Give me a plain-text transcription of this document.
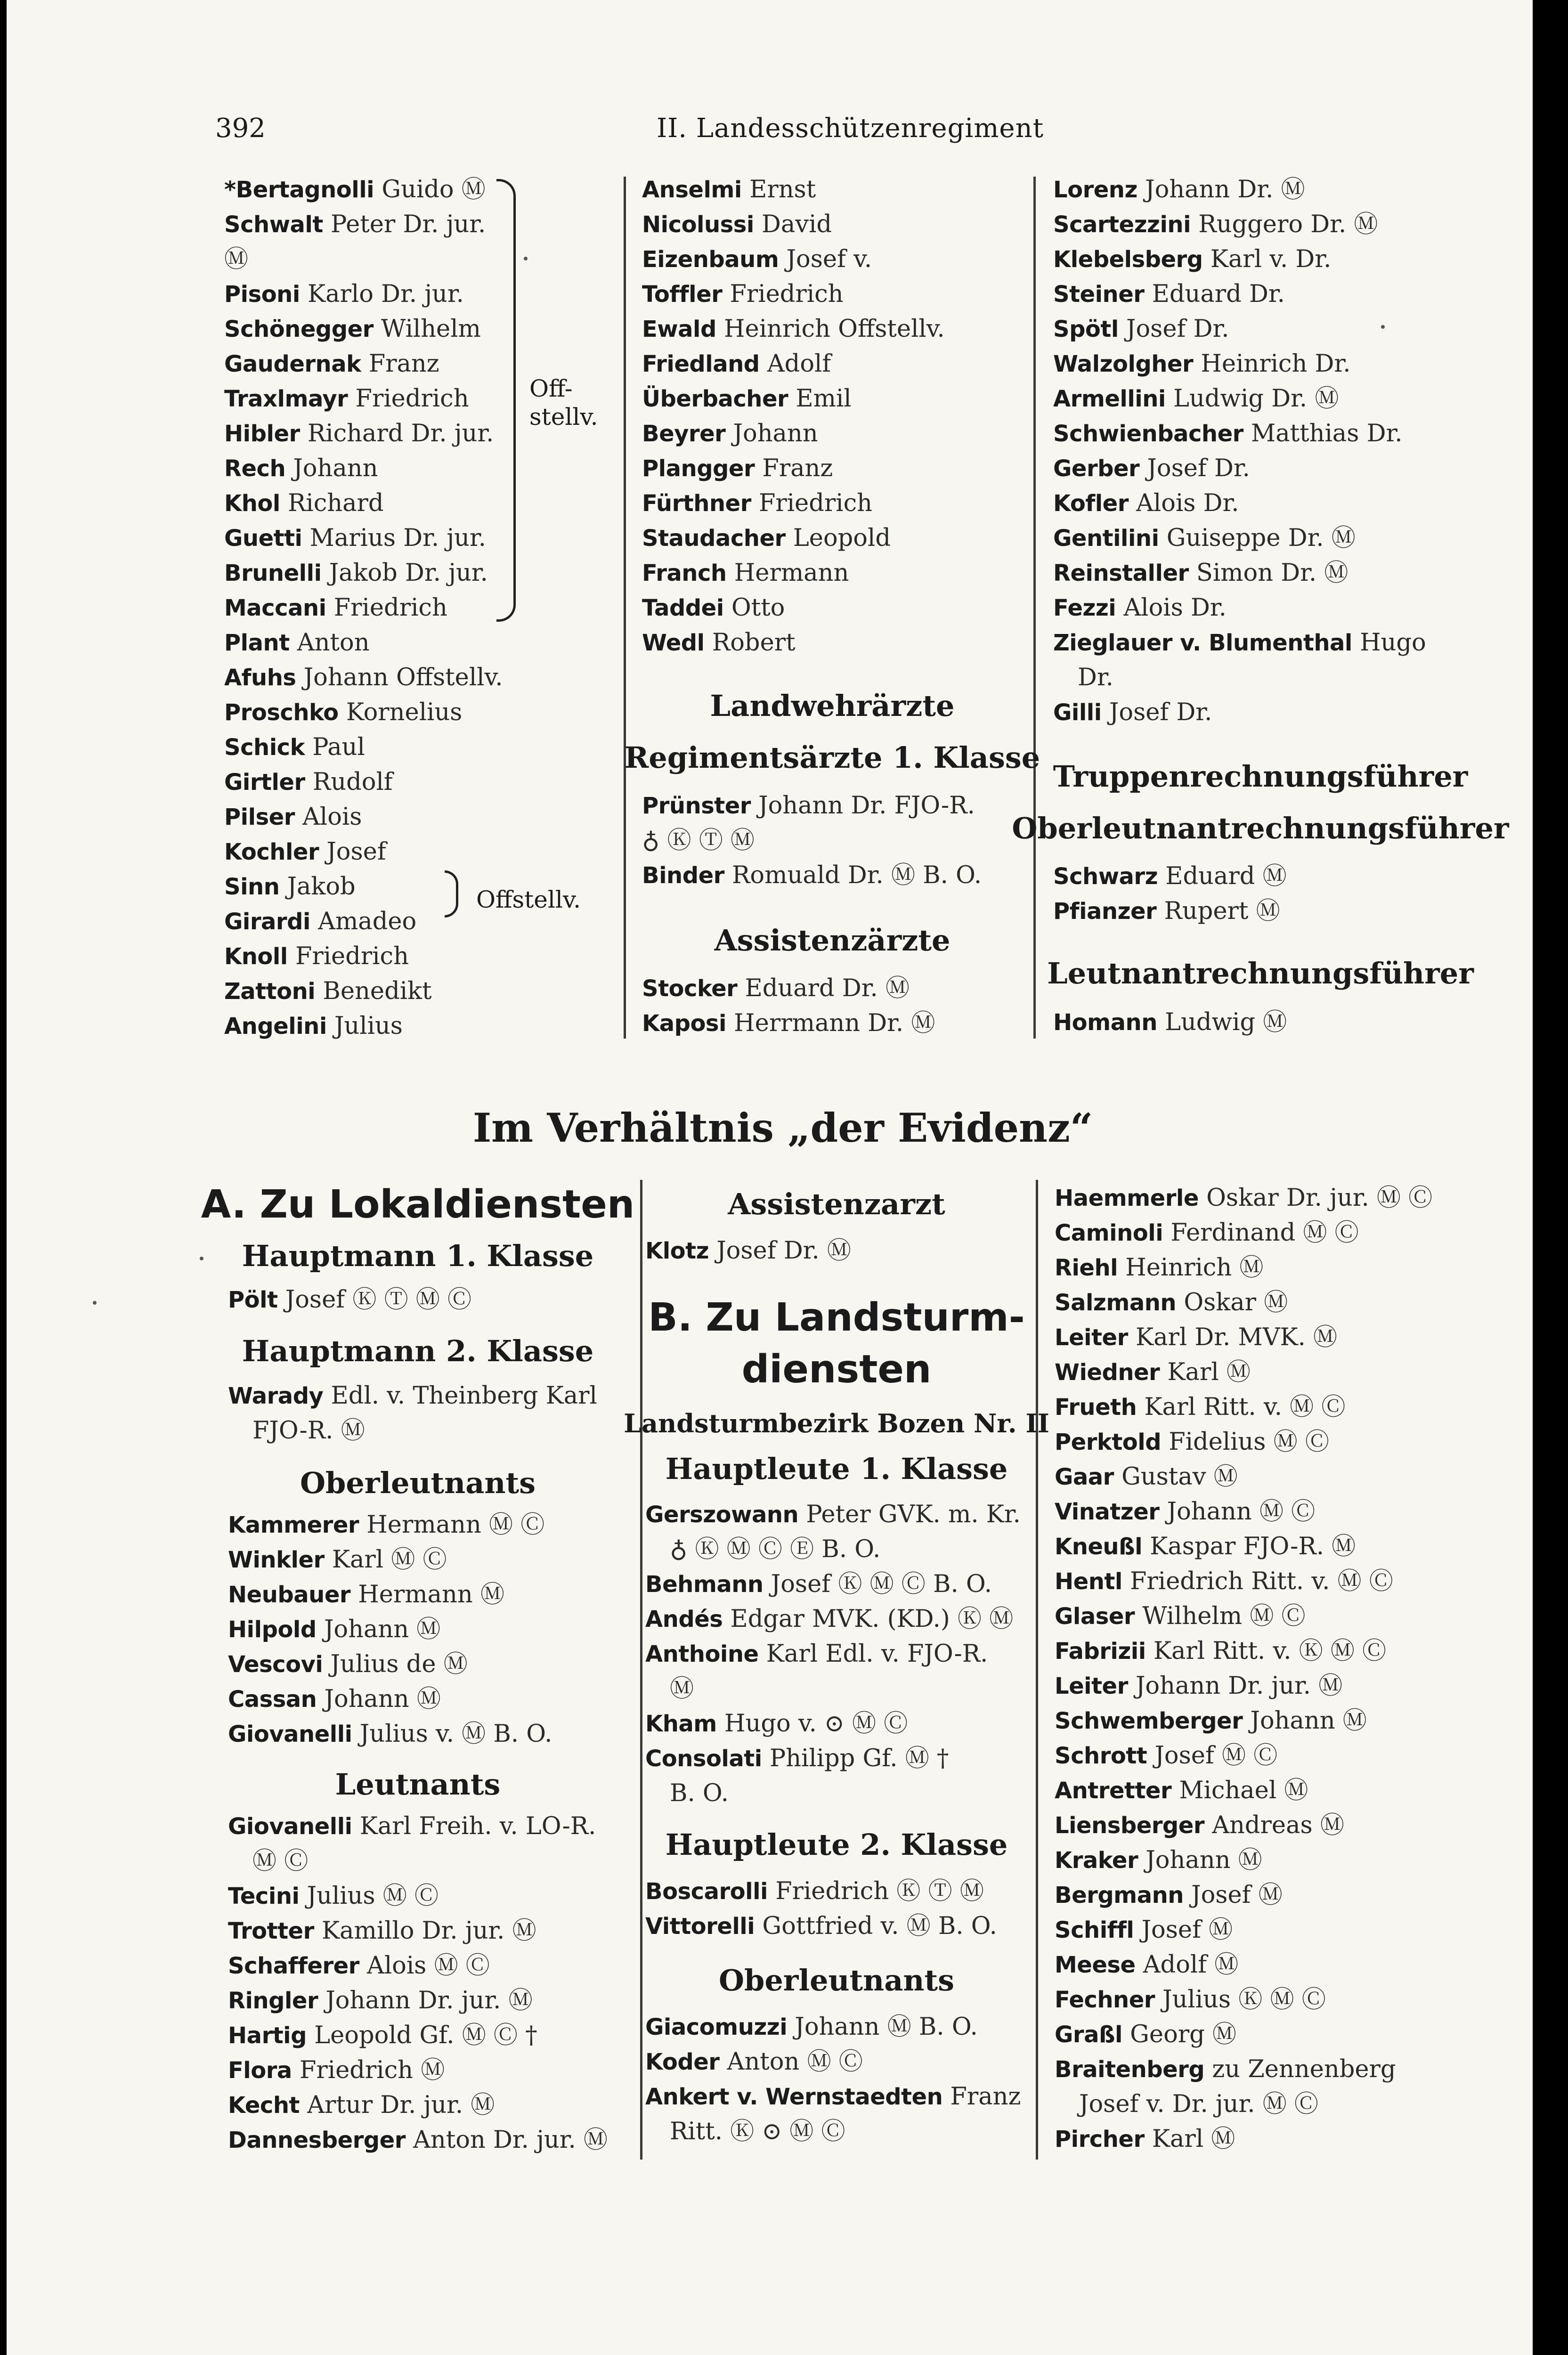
392	II. Landesschützenregiment
Off-
stellv.
Offstellv.
Im Verhältnis „der Evidenz“
*Bertagnolli Guido Ⓜ
Schwalt Peter Dr. jur.
Ⓜ
Pisoni Karlo Dr. jur.
Schönegger Wilhelm
Gaudernak Franz
Traxlmayr Friedrich
Hibler Richard Dr. jur.
Rech Johann
Khol Richard
Guetti Marius Dr. jur.
Brunelli Jakob Dr. jur.
Maccani Friedrich
Plant Anton
Afuhs Johann Offstellv.
Proschko Kornelius
Schick Paul
Girtler Rudolf
Pilser Alois
Kochler Josef
Sinn Jakob
Girardi Amadeo
Knoll Friedrich
Zattoni Benedikt
Angelini Julius
Anselmi Ernst
Nicolussi David
Eizenbaum Josef v.
Toffler Friedrich
Ewald Heinrich Offstellv.
Friedland Adolf
Überbacher Emil
Beyrer Johann
Plangger Franz
Fürthner Friedrich
Staudacher Leopold
Franch Hermann
Taddei Otto
Wedl Robert
Landwehrärzte
Regimentsärzte 1. Klasse
Prünster Johann Dr. FJO-R.
♁ Ⓚ Ⓣ Ⓜ
Binder Romuald Dr. Ⓜ B. O.
Assistenzärzte
Stocker Eduard Dr. Ⓜ
Kaposi Herrmann Dr. Ⓜ
Lorenz Johann Dr. Ⓜ
Scartezzini Ruggero Dr. Ⓜ
Klebelsberg Karl v. Dr.
Steiner Eduard Dr.
Spötl Josef Dr.
Walzolgher Heinrich Dr.
Armellini Ludwig Dr. Ⓜ
Schwienbacher Matthias Dr.
Gerber Josef Dr.
Kofler Alois Dr.
Gentilini Guiseppe Dr. Ⓜ
Reinstaller Simon Dr. Ⓜ
Fezzi Alois Dr.
Zieglauer v. Blumenthal Hugo
Dr.
Gilli Josef Dr.
Truppenrechnungsführer
Oberleutnantrechnungsführer
Schwarz Eduard Ⓜ
Pfianzer Rupert Ⓜ
Leutnantrechnungsführer
Homann Ludwig Ⓜ
A. Zu Lokaldiensten
Hauptmann 1. Klasse
Pölt Josef Ⓚ Ⓣ Ⓜ Ⓒ
Hauptmann 2. Klasse
Warady Edl. v. Theinberg Karl
FJO-R. Ⓜ
Oberleutnants
Kammerer Hermann Ⓜ Ⓒ
Winkler Karl Ⓜ Ⓒ
Neubauer Hermann Ⓜ
Hilpold Johann Ⓜ
Vescovi Julius de Ⓜ
Cassan Johann Ⓜ
Giovanelli Julius v. Ⓜ B. O.
Leutnants
Giovanelli Karl Freih. v. LO-R.
Ⓜ Ⓒ
Tecini Julius Ⓜ Ⓒ
Trotter Kamillo Dr. jur. Ⓜ
Schafferer Alois Ⓜ Ⓒ
Ringler Johann Dr. jur. Ⓜ
Hartig Leopold Gf. Ⓜ Ⓒ †
Flora Friedrich Ⓜ
Kecht Artur Dr. jur. Ⓜ
Dannesberger Anton Dr. jur. Ⓜ
Assistenzarzt
Klotz Josef Dr. Ⓜ
B. Zu Landsturm-
diensten
Landsturmbezirk Bozen Nr. II
Hauptleute 1. Klasse
Gerszowann Peter GVK. m. Kr.
♁ Ⓚ Ⓜ Ⓒ Ⓔ B. O.
Behmann Josef Ⓚ Ⓜ Ⓒ B. O.
Andés Edgar MVK. (KD.) Ⓚ Ⓜ
Anthoine Karl Edl. v. FJO-R.
Ⓜ
Kham Hugo v. ⊙ Ⓜ Ⓒ
Consolati Philipp Gf. Ⓜ †
B. O.
Hauptleute 2. Klasse
Boscarolli Friedrich Ⓚ Ⓣ Ⓜ
Vittorelli Gottfried v. Ⓜ B. O.
Oberleutnants
Giacomuzzi Johann Ⓜ B. O.
Koder Anton Ⓜ Ⓒ
Ankert v. Wernstaedten Franz
Ritt. Ⓚ ⊙ Ⓜ Ⓒ
Haemmerle Oskar Dr. jur. Ⓜ Ⓒ
Caminoli Ferdinand Ⓜ Ⓒ
Riehl Heinrich Ⓜ
Salzmann Oskar Ⓜ
Leiter Karl Dr. MVK. Ⓜ
Wiedner Karl Ⓜ
Frueth Karl Ritt. v. Ⓜ Ⓒ
Perktold Fidelius Ⓜ Ⓒ
Gaar Gustav Ⓜ
Vinatzer Johann Ⓜ Ⓒ
Kneußl Kaspar FJO-R. Ⓜ
Hentl Friedrich Ritt. v. Ⓜ Ⓒ
Glaser Wilhelm Ⓜ Ⓒ
Fabrizii Karl Ritt. v. Ⓚ Ⓜ Ⓒ
Leiter Johann Dr. jur. Ⓜ
Schwemberger Johann Ⓜ
Schrott Josef Ⓜ Ⓒ
Antretter Michael Ⓜ
Liensberger Andreas Ⓜ
Kraker Johann Ⓜ
Bergmann Josef Ⓜ
Schiffl Josef Ⓜ
Meese Adolf Ⓜ
Fechner Julius Ⓚ Ⓜ Ⓒ
Graßl Georg Ⓜ
Braitenberg zu Zennenberg
Josef v. Dr. jur. Ⓜ Ⓒ
Pircher Karl Ⓜ
